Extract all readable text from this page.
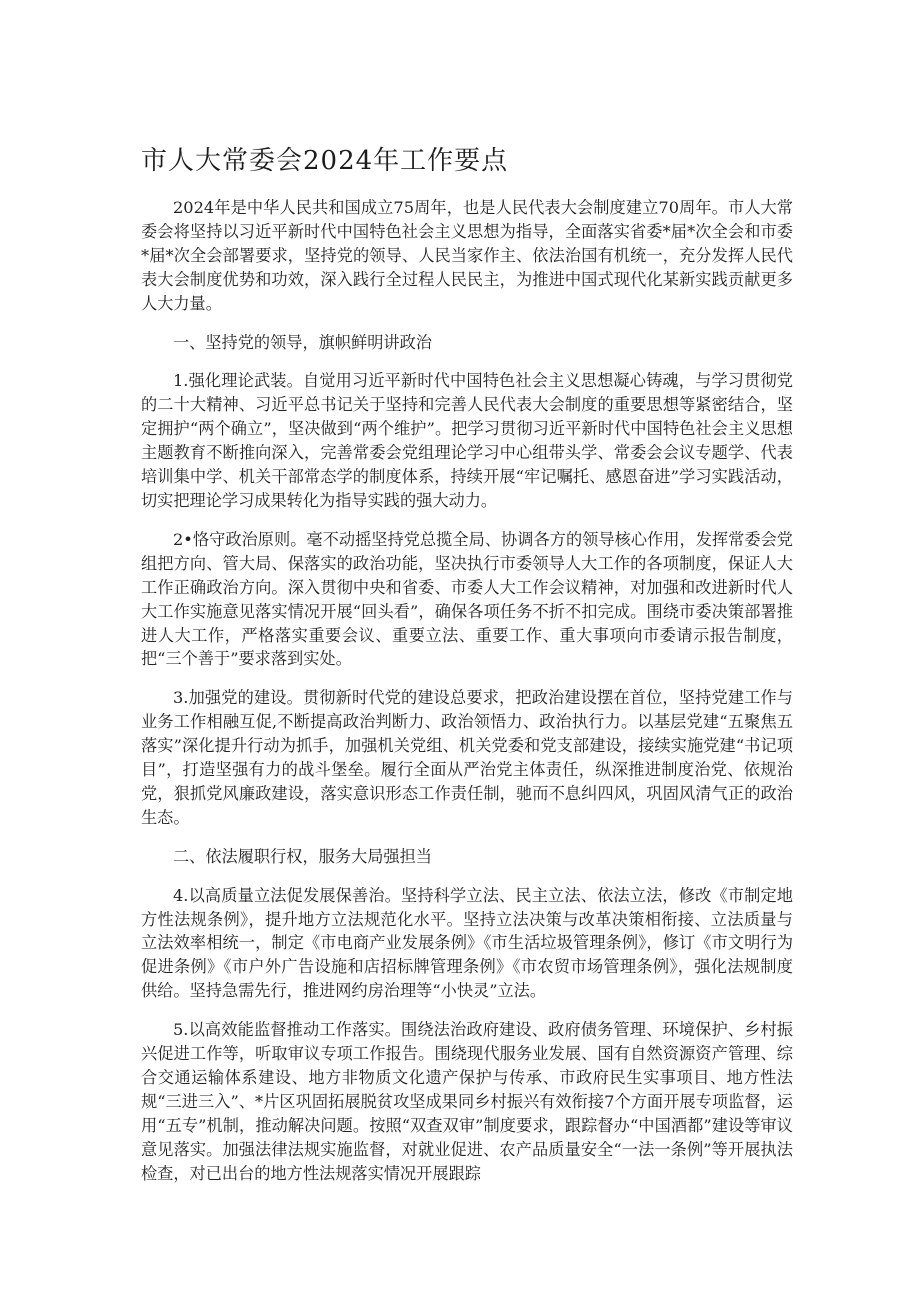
市人大常委会2024年工作要点

2024年是中华人民共和国成立75周年，也是人民代表大会制度建立70周年。市人大常委会将坚持以习近平新时代中国特色社会主义思想为指导，全面落实省委*届*次全会和市委*届*次全会部署要求，坚持党的领导、人民当家作主、依法治国有机统一，充分发挥人民代表大会制度优势和功效，深入践行全过程人民民主，为推进中国式现代化某新实践贡献更多人大力量。

一、坚持党的领导，旗帜鲜明讲政治

1.强化理论武装。自觉用习近平新时代中国特色社会主义思想凝心铸魂，与学习贯彻党的二十大精神、习近平总书记关于坚持和完善人民代表大会制度的重要思想等紧密结合，坚定拥护“两个确立”，坚决做到“两个维护”。把学习贯彻习近平新时代中国特色社会主义思想主题教育不断推向深入，完善常委会党组理论学习中心组带头学、常委会会议专题学、代表培训集中学、机关干部常态学的制度体系，持续开展“牢记嘱托、感恩奋进”学习实践活动，切实把理论学习成果转化为指导实践的强大动力。

2•恪守政治原则。毫不动摇坚持党总揽全局、协调各方的领导核心作用，发挥常委会党组把方向、管大局、保落实的政治功能，坚决执行市委领导人大工作的各项制度，保证人大工作正确政治方向。深入贯彻中央和省委、市委人大工作会议精神，对加强和改进新时代人大工作实施意见落实情况开展“回头看”，确保各项任务不折不扣完成。围绕市委决策部署推进人大工作，严格落实重要会议、重要立法、重要工作、重大事项向市委请示报告制度，把“三个善于”要求落到实处。

3.加强党的建设。贯彻新时代党的建设总要求，把政治建设摆在首位，坚持党建工作与业务工作相融互促,不断提高政治判断力、政治领悟力、政治执行力。以基层党建“五聚焦五落实”深化提升行动为抓手，加强机关党组、机关党委和党支部建设，接续实施党建“书记项目”，打造坚强有力的战斗堡垒。履行全面从严治党主体责任，纵深推进制度治党、依规治党，狠抓党风廉政建设，落实意识形态工作责任制，驰而不息纠四风，巩固风清气正的政治生态。

二、依法履职行权，服务大局强担当

4.以高质量立法促发展保善治。坚持科学立法、民主立法、依法立法，修改《市制定地方性法规条例》，提升地方立法规范化水平。坚持立法决策与改革决策相衔接、立法质量与立法效率相统一，制定《市电商产业发展条例》《市生活垃圾管理条例》，修订《市文明行为促进条例》《市户外广告设施和店招标牌管理条例》《市农贸市场管理条例》，强化法规制度供给。坚持急需先行，推进网约房治理等“小快灵”立法。

5.以高效能监督推动工作落实。围绕法治政府建设、政府债务管理、环境保护、乡村振兴促进工作等，听取审议专项工作报告。围绕现代服务业发展、国有自然资源资产管理、综合交通运输体系建设、地方非物质文化遗产保护与传承、市政府民生实事项目、地方性法规“三进三入”、*片区巩固拓展脱贫攻坚成果同乡村振兴有效衔接7个方面开展专项监督，运用“五专”机制，推动解决问题。按照“双查双审”制度要求，跟踪督办“中国酒都”建设等审议意见落实。加强法律法规实施监督，对就业促进、农产品质量安全“一法一条例”等开展执法检查，对已出台的地方性法规落实情况开展跟踪
